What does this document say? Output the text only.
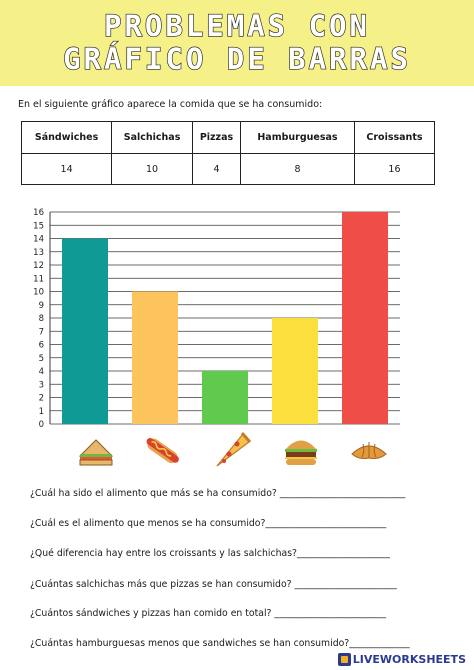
PROBLEMAS CON
GRÁFICO DE BARRAS
En el siguiente gráfico aparece la comida que se ha consumido:
Sándwiches	Salchichas	Pizzas	Hamburguesas	Croissants
14	10	4	8	16
0
1
2
3
4
5
6
7
8
9
10
11
12
13
14
15
16
¿Cuál ha sido el alimento que más se ha consumido? ___________________________
¿Cuál es el alimento que menos se ha consumido?__________________________
¿Qué diferencia hay entre los croissants y las salchichas?____________________
¿Cuántas salchichas más que pizzas se han consumido? ______________________
¿Cuántos sándwiches y pizzas han comido en total? ________________________
¿Cuántas hamburguesas menos que sandwiches se han consumido?_____________
LIVEWORKSHEETS
